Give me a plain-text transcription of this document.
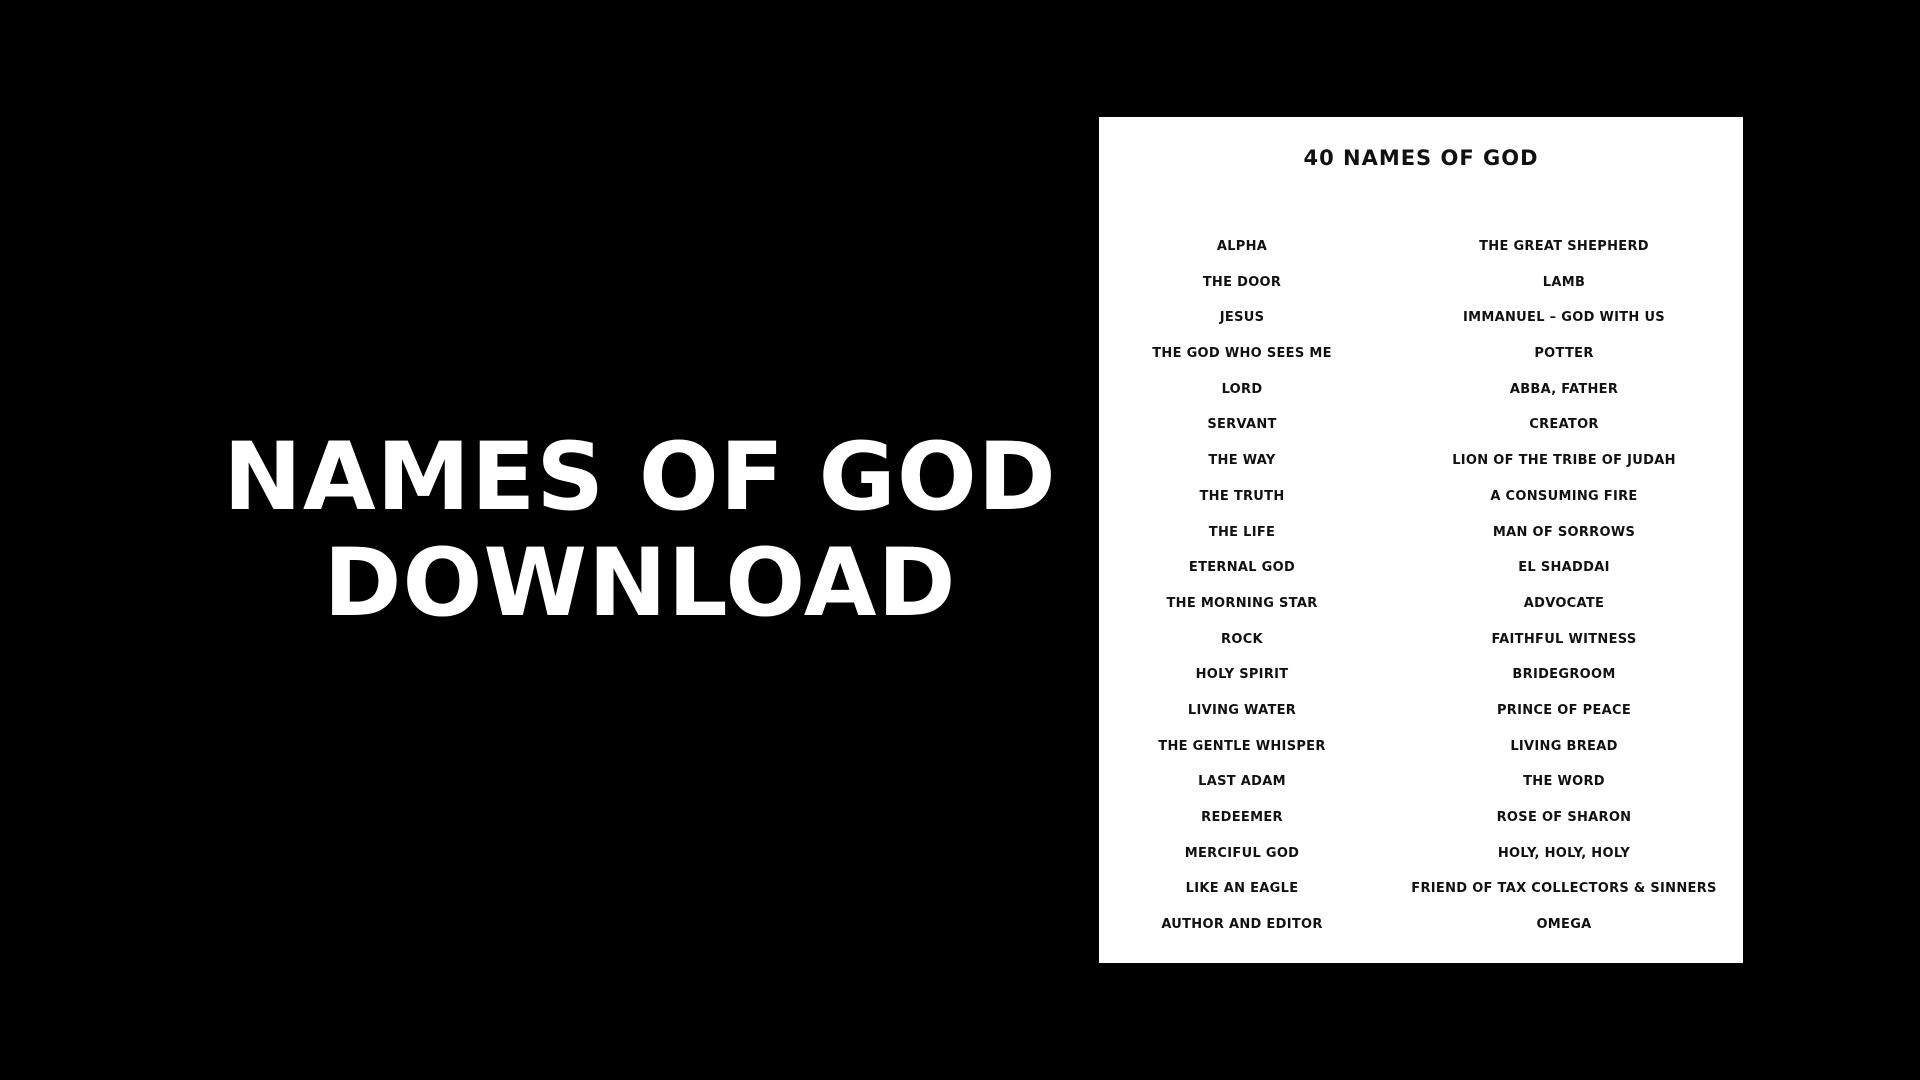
NAMES OF GOD
DOWNLOAD
40 NAMES OF GOD
ALPHA
THE DOOR
JESUS
THE GOD WHO SEES ME
LORD
SERVANT
THE WAY
THE TRUTH
THE LIFE
ETERNAL GOD
THE MORNING STAR
ROCK
HOLY SPIRIT
LIVING WATER
THE GENTLE WHISPER
LAST ADAM
REDEEMER
MERCIFUL GOD
LIKE AN EAGLE
AUTHOR AND EDITOR
THE GREAT SHEPHERD
LAMB
IMMANUEL – GOD WITH US
POTTER
ABBA, FATHER
CREATOR
LION OF THE TRIBE OF JUDAH
A CONSUMING FIRE
MAN OF SORROWS
EL SHADDAI
ADVOCATE
FAITHFUL WITNESS
BRIDEGROOM
PRINCE OF PEACE
LIVING BREAD
THE WORD
ROSE OF SHARON
HOLY, HOLY, HOLY
FRIEND OF TAX COLLECTORS & SINNERS
OMEGA
